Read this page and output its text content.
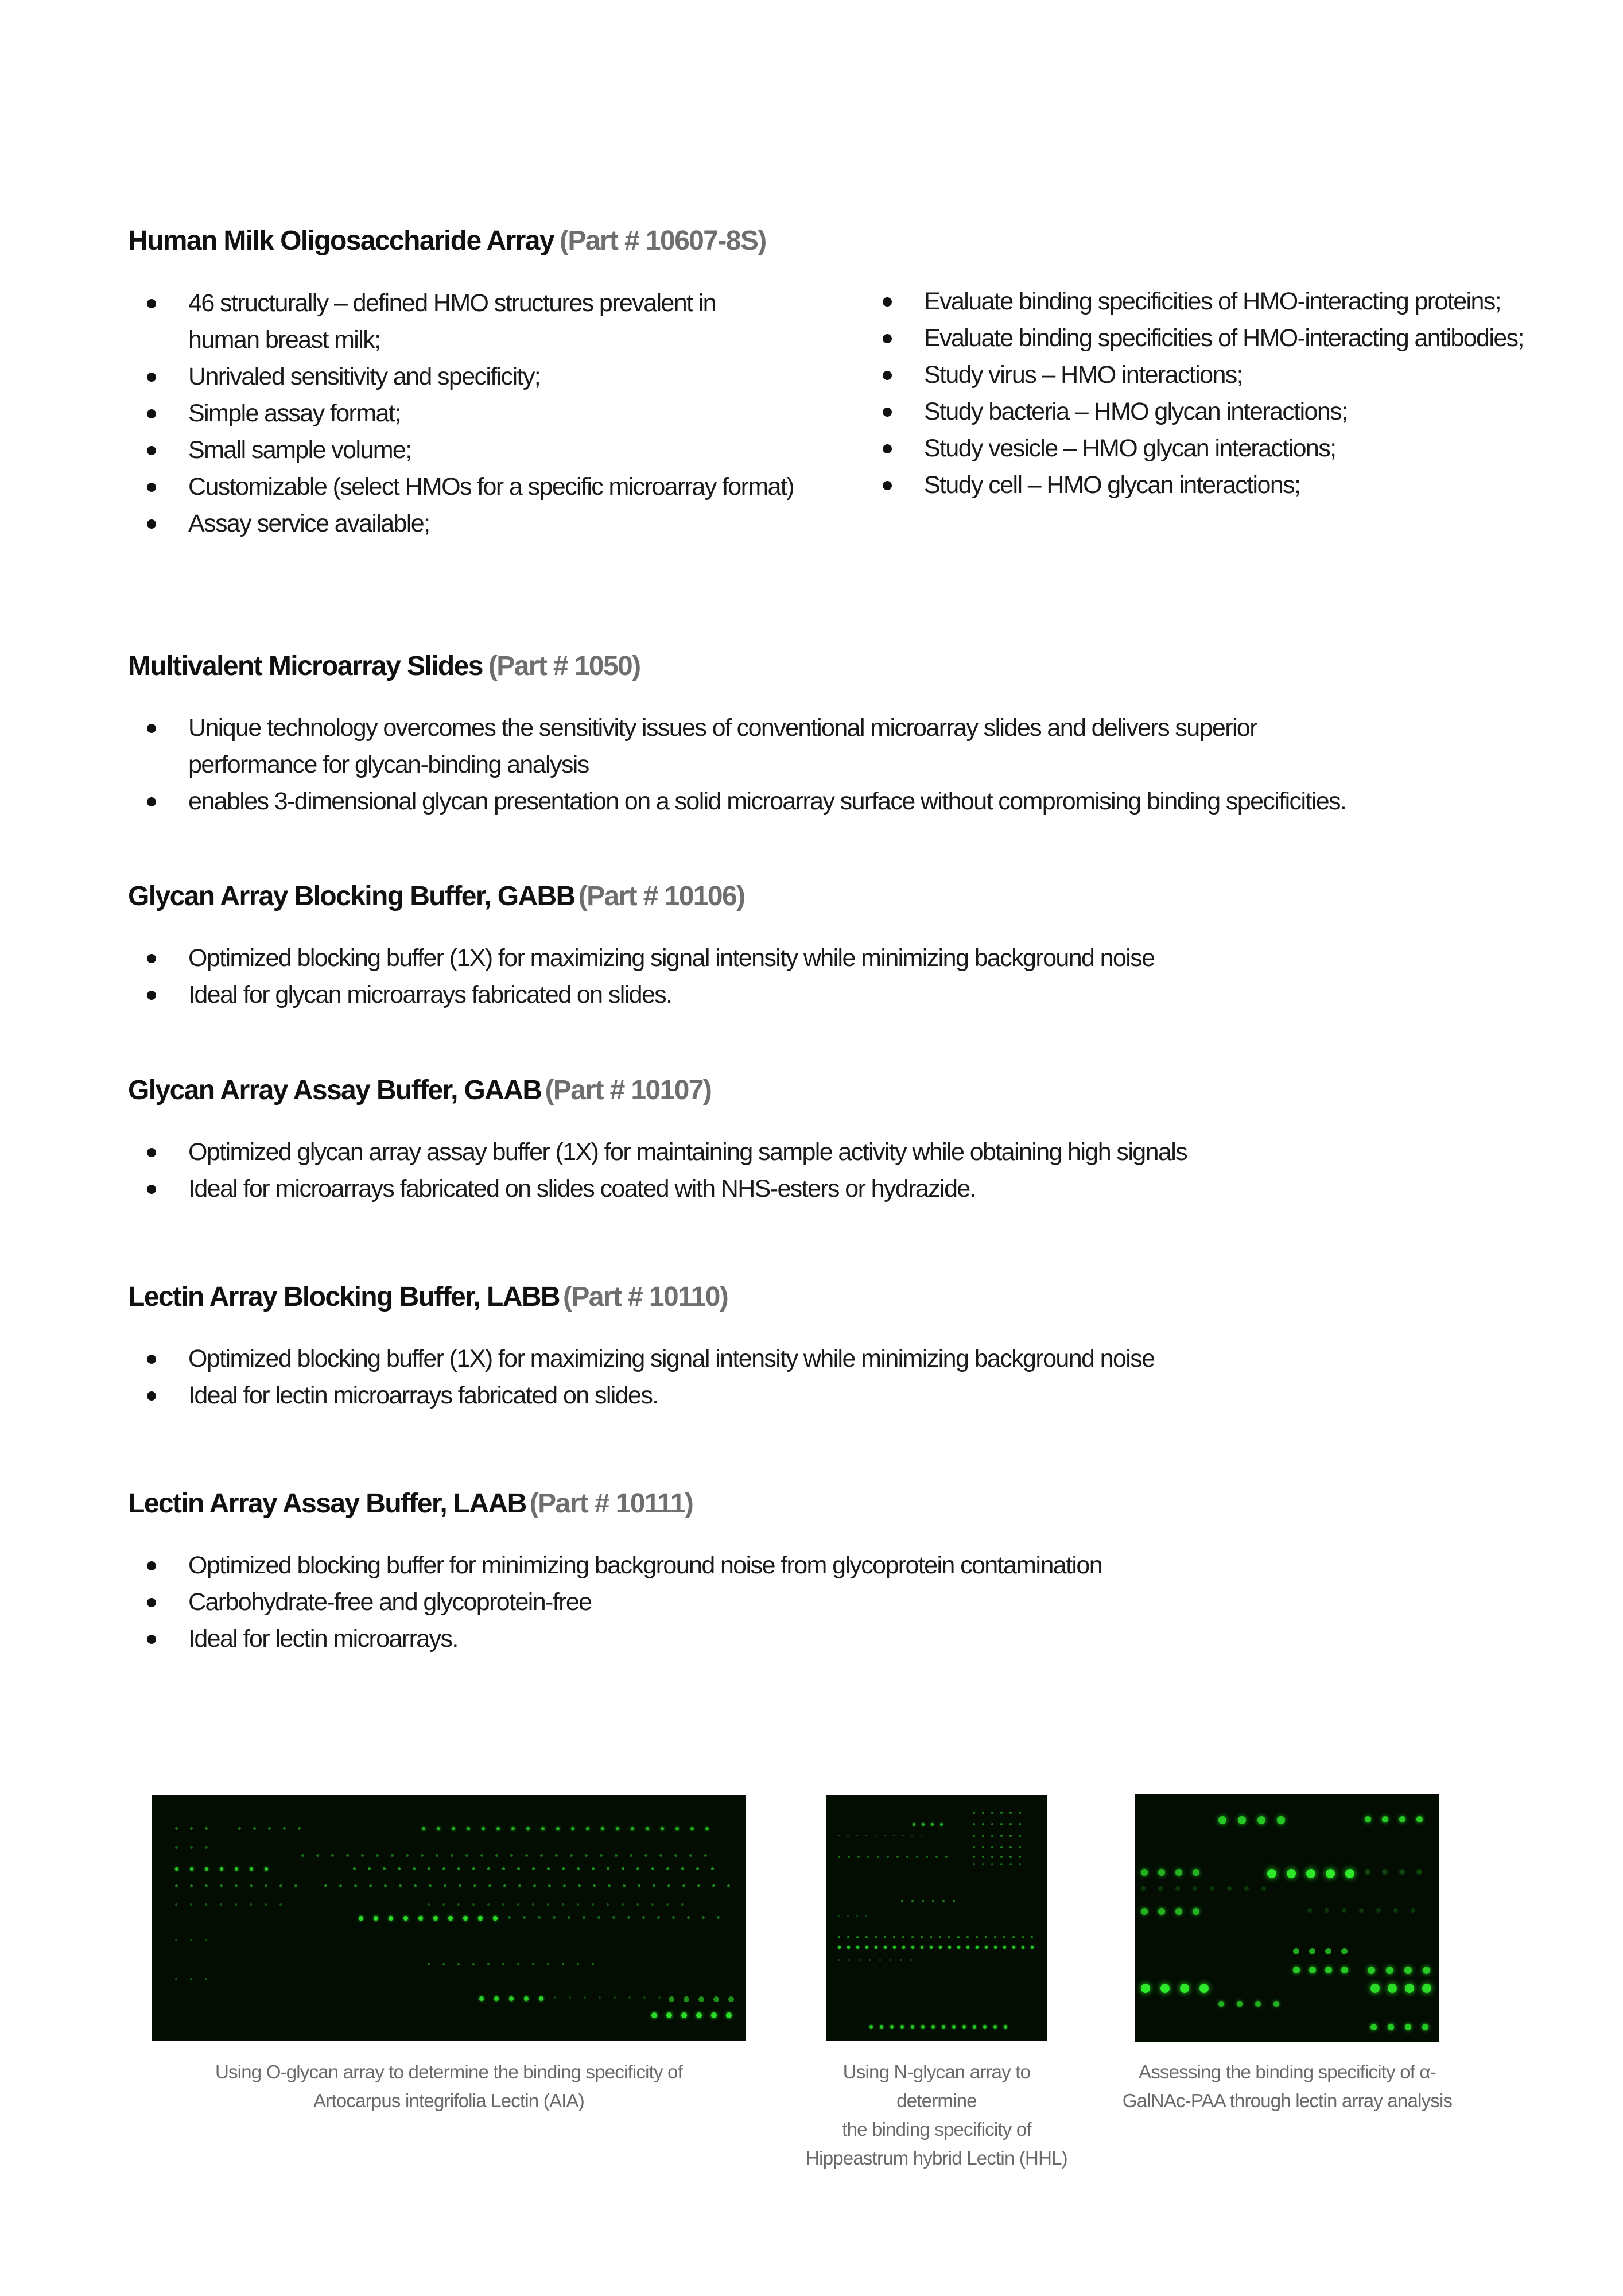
Human Milk Oligosaccharide Array (Part # 10607-8S)
46 structurally – defined HMO structures prevalent in
human breast milk;
Unrivaled sensitivity and specificity;
Simple assay format;
Small sample volume;
Customizable (select HMOs for a specific microarray format)
Assay service available;
Evaluate binding specificities of HMO-interacting proteins;
Evaluate binding specificities of HMO-interacting antibodies;
Study virus – HMO interactions;
Study bacteria – HMO glycan interactions;
Study vesicle – HMO glycan interactions;
Study cell – HMO glycan interactions;
Multivalent Microarray Slides (Part # 1050)
Unique technology overcomes the sensitivity issues of conventional microarray slides and delivers superior
performance for glycan-binding analysis
enables 3-dimensional glycan presentation on a solid microarray surface without compromising binding specificities.
Glycan Array Blocking Buffer, GABB (Part # 10106)
Optimized blocking buffer (1X) for maximizing signal intensity while minimizing background noise
Ideal for glycan microarrays fabricated on slides.
Glycan Array Assay Buffer, GAAB (Part # 10107)
Optimized glycan array assay buffer (1X) for maintaining sample activity while obtaining high signals
Ideal for microarrays fabricated on slides coated with NHS-esters or hydrazide.
Lectin Array Blocking Buffer, LABB (Part # 10110)
Optimized blocking buffer (1X) for maximizing signal intensity while minimizing background noise
Ideal for lectin microarrays fabricated on slides.
Lectin Array Assay Buffer, LAAB (Part # 10111)
Optimized blocking buffer for minimizing background noise from glycoprotein contamination
Carbohydrate-free and glycoprotein-free
Ideal for lectin microarrays.

Using O-glycan array to determine the binding specificity of
Artocarpus integrifolia Lectin (AIA)

Using N-glycan array to determine
the binding specificity of
Hippeastrum hybrid Lectin (HHL)

Assessing the binding specificity of α-
GalNAc-PAA through lectin array analysis
